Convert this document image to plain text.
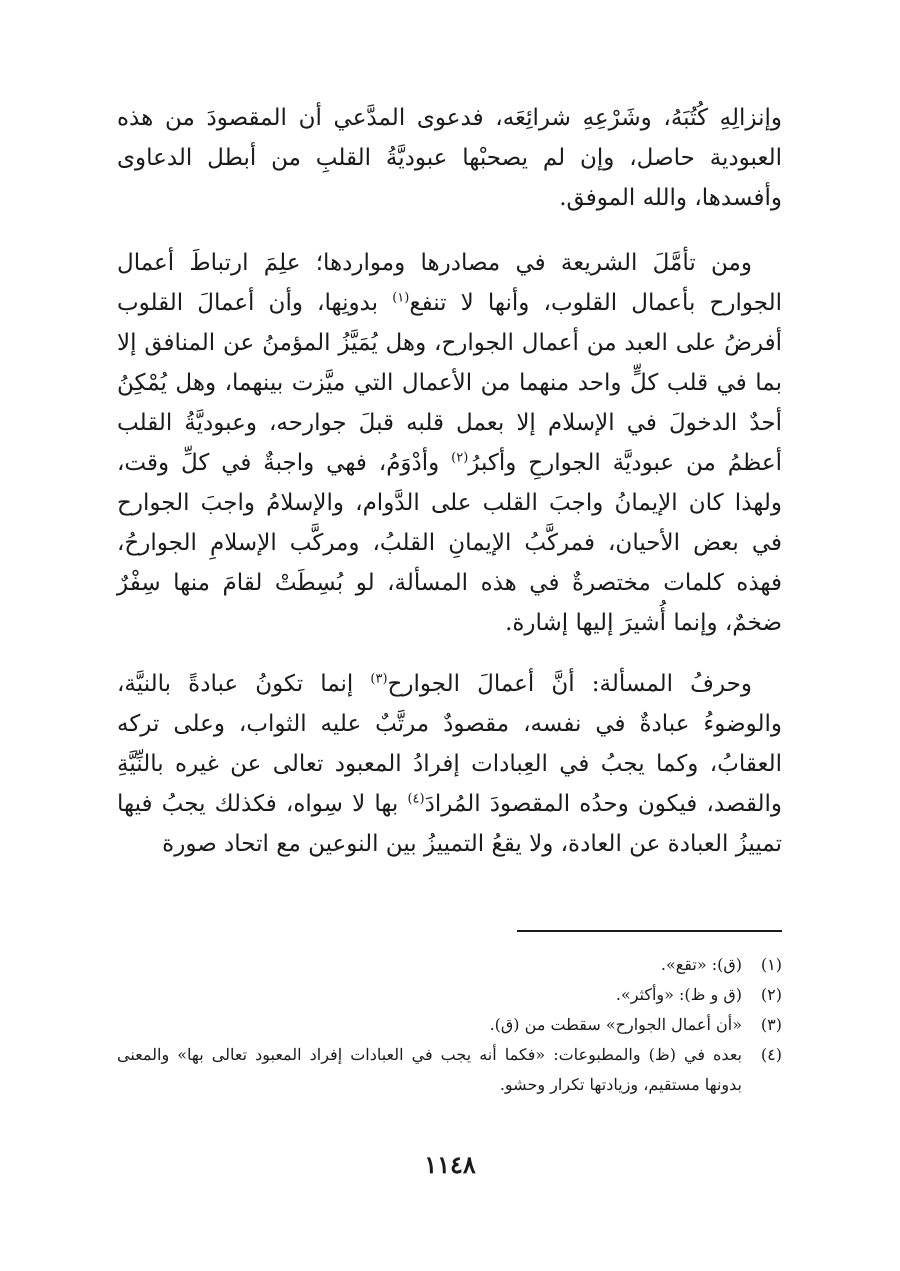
وإنزالِهِ كُتُبَهُ، وشَرْعِهِ شرائِعَه، فدعوى المدَّعي أن المقصودَ من هذه العبودية حاصل، وإن لم يصحبْها عبوديَّةُ القلبِ من أبطل الدعاوى وأفسدها، والله الموفق.

ومن تأمَّلَ الشريعة في مصادرها ومواردها؛ علِمَ ارتباطَ أعمال الجوارح بأعمال القلوب، وأنها لا تنفع$^{(١)}$ بدونِها، وأن أعمالَ القلوب أفرضُ على العبد من أعمال الجوارح، وهل يُمَيَّزُ المؤمنُ عن المنافق إلا بما في قلب كلٍّ واحد منهما من الأعمال التي ميَّزت بينهما، وهل يُمْكِنُ أحدٌ الدخولَ في الإسلام إلا بعمل قلبه قبلَ جوارحه، وعبوديَّةُ القلب أعظمُ من عبوديَّة الجوارحِ وأكبرُ$^{(٢)}$ وأدْوَمُ، فهي واجبةٌ في كلِّ وقت، ولهذا كان الإيمانُ واجبَ القلب على الدَّوام، والإسلامُ واجبَ الجوارح في بعض الأحيان، فمركَّبُ الإيمانِ القلبُ، ومركَّب الإسلامِ الجوارحُ، فهذه كلمات مختصرةٌ في هذه المسألة، لو بُسِطَتْ لقامَ منها سِفْرٌ ضخمٌ، وإنما أُشيرَ إليها إشارة.

وحرفُ المسألة: أنَّ أعمالَ الجوارح$^{(٣)}$ إنما تكونُ عبادةً بالنيَّة، والوضوءُ عبادةٌ في نفسه، مقصودٌ مرتَّبٌ عليه الثواب، وعلى تركه العقابُ، وكما يجبُ في العِبادات إفرادُ المعبود تعالى عن غيره بالنِّيَّةِ والقصد، فيكون وحدُه المقصودَ المُرادَ$^{(٤)}$ بها لا سِواه، فكذلك يجبُ فيها تمييزُ العبادة عن العادة، ولا يقعُ التمييزُ بين النوعين مع اتحاد صورة

(١)
(ق): «تقع».
(٢)
(ق و ظ): «وأكثر».
(٣)
«أن أعمال الجوارح» سقطت من (ق).
(٤)
بعده في (ظ) والمطبوعات: «فكما أنه يجب في العبادات إفراد المعبود تعالى بها» والمعنى بدونها مستقيم، وزيادتها تكرار وحشو.
١١٤٨
